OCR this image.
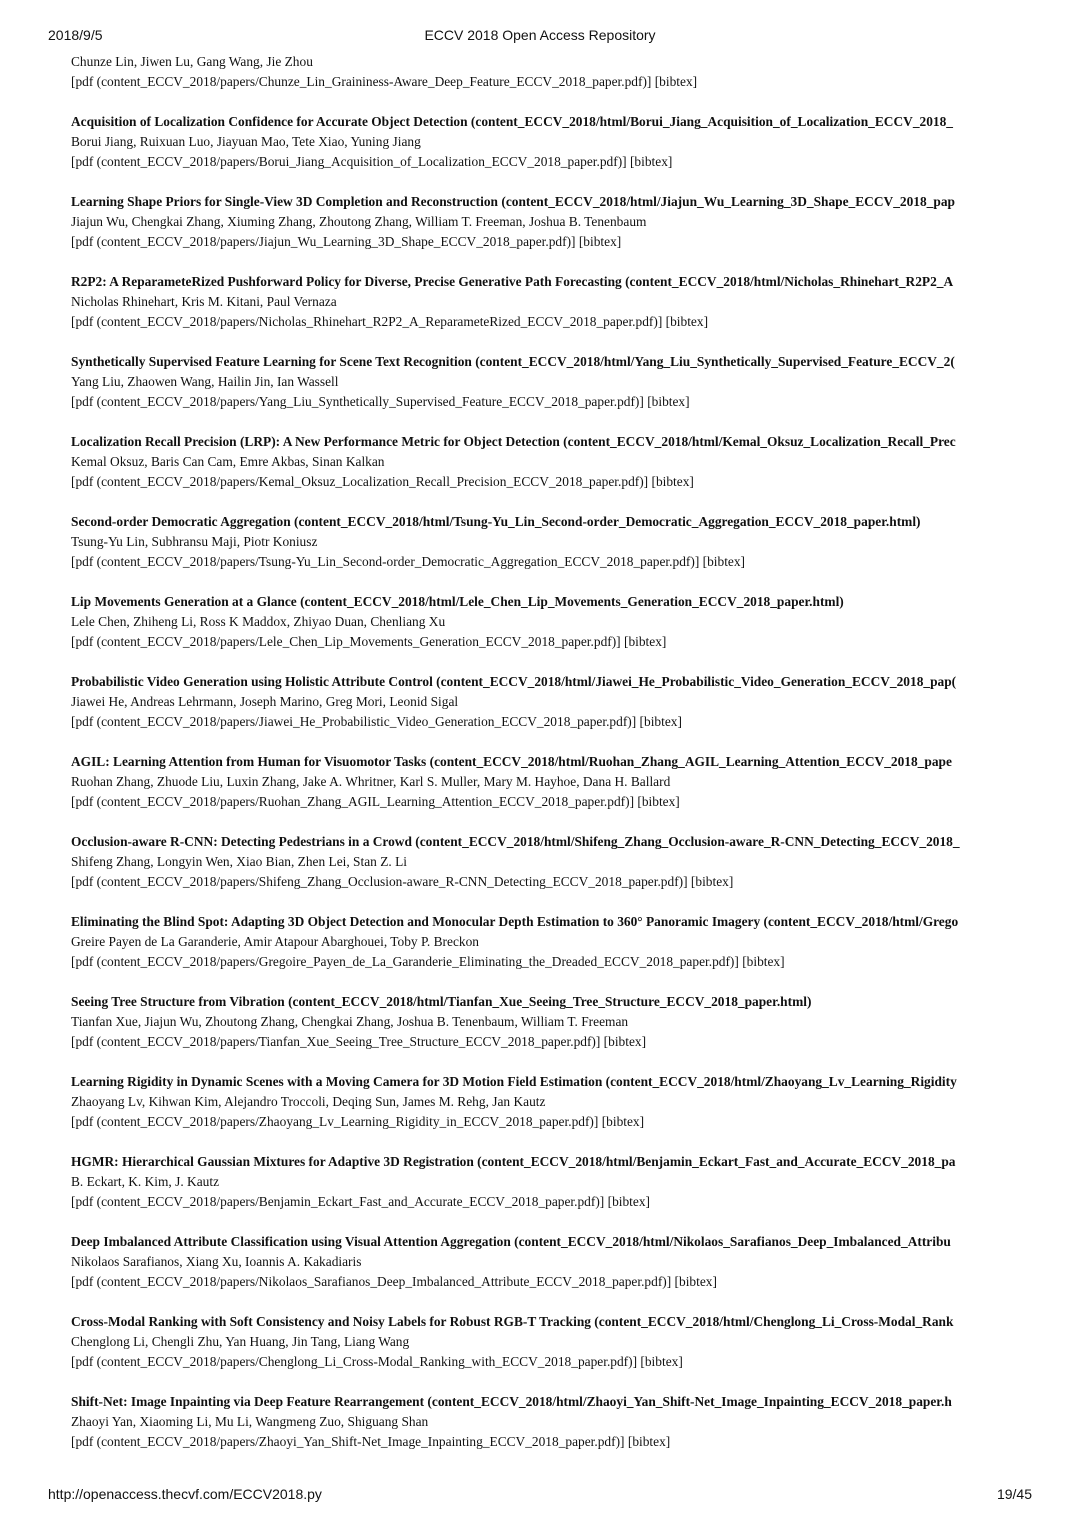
2018/9/5	ECCV 2018 Open Access Repository
Chunze Lin, Jiwen Lu, Gang Wang, Jie Zhou
[pdf (content_ECCV_2018/papers/Chunze_Lin_Graininess-Aware_Deep_Feature_ECCV_2018_paper.pdf)] [bibtex]
Acquisition of Localization Confidence for Accurate Object Detection (content_ECCV_2018/html/Borui_Jiang_Acquisition_of_Localization_ECCV_2018_
Borui Jiang, Ruixuan Luo, Jiayuan Mao, Tete Xiao, Yuning Jiang
[pdf (content_ECCV_2018/papers/Borui_Jiang_Acquisition_of_Localization_ECCV_2018_paper.pdf)] [bibtex]
Learning Shape Priors for Single-View 3D Completion and Reconstruction (content_ECCV_2018/html/Jiajun_Wu_Learning_3D_Shape_ECCV_2018_pap
Jiajun Wu, Chengkai Zhang, Xiuming Zhang, Zhoutong Zhang, William T. Freeman, Joshua B. Tenenbaum
[pdf (content_ECCV_2018/papers/Jiajun_Wu_Learning_3D_Shape_ECCV_2018_paper.pdf)] [bibtex]
R2P2: A ReparameteRized Pushforward Policy for Diverse, Precise Generative Path Forecasting (content_ECCV_2018/html/Nicholas_Rhinehart_R2P2_A
Nicholas Rhinehart, Kris M. Kitani, Paul Vernaza
[pdf (content_ECCV_2018/papers/Nicholas_Rhinehart_R2P2_A_ReparameteRized_ECCV_2018_paper.pdf)] [bibtex]
Synthetically Supervised Feature Learning for Scene Text Recognition (content_ECCV_2018/html/Yang_Liu_Synthetically_Supervised_Feature_ECCV_2(
Yang Liu, Zhaowen Wang, Hailin Jin, Ian Wassell
[pdf (content_ECCV_2018/papers/Yang_Liu_Synthetically_Supervised_Feature_ECCV_2018_paper.pdf)] [bibtex]
Localization Recall Precision (LRP): A New Performance Metric for Object Detection (content_ECCV_2018/html/Kemal_Oksuz_Localization_Recall_Prec
Kemal Oksuz, Baris Can Cam, Emre Akbas, Sinan Kalkan
[pdf (content_ECCV_2018/papers/Kemal_Oksuz_Localization_Recall_Precision_ECCV_2018_paper.pdf)] [bibtex]
Second-order Democratic Aggregation (content_ECCV_2018/html/Tsung-Yu_Lin_Second-order_Democratic_Aggregation_ECCV_2018_paper.html)
Tsung-Yu Lin, Subhransu Maji, Piotr Koniusz
[pdf (content_ECCV_2018/papers/Tsung-Yu_Lin_Second-order_Democratic_Aggregation_ECCV_2018_paper.pdf)] [bibtex]
Lip Movements Generation at a Glance (content_ECCV_2018/html/Lele_Chen_Lip_Movements_Generation_ECCV_2018_paper.html)
Lele Chen, Zhiheng Li, Ross K Maddox, Zhiyao Duan, Chenliang Xu
[pdf (content_ECCV_2018/papers/Lele_Chen_Lip_Movements_Generation_ECCV_2018_paper.pdf)] [bibtex]
Probabilistic Video Generation using Holistic Attribute Control (content_ECCV_2018/html/Jiawei_He_Probabilistic_Video_Generation_ECCV_2018_pap(
Jiawei He, Andreas Lehrmann, Joseph Marino, Greg Mori, Leonid Sigal
[pdf (content_ECCV_2018/papers/Jiawei_He_Probabilistic_Video_Generation_ECCV_2018_paper.pdf)] [bibtex]
AGIL: Learning Attention from Human for Visuomotor Tasks (content_ECCV_2018/html/Ruohan_Zhang_AGIL_Learning_Attention_ECCV_2018_pape
Ruohan Zhang, Zhuode Liu, Luxin Zhang, Jake A. Whritner, Karl S. Muller, Mary M. Hayhoe, Dana H. Ballard
[pdf (content_ECCV_2018/papers/Ruohan_Zhang_AGIL_Learning_Attention_ECCV_2018_paper.pdf)] [bibtex]
Occlusion-aware R-CNN: Detecting Pedestrians in a Crowd (content_ECCV_2018/html/Shifeng_Zhang_Occlusion-aware_R-CNN_Detecting_ECCV_2018_
Shifeng Zhang, Longyin Wen, Xiao Bian, Zhen Lei, Stan Z. Li
[pdf (content_ECCV_2018/papers/Shifeng_Zhang_Occlusion-aware_R-CNN_Detecting_ECCV_2018_paper.pdf)] [bibtex]
Eliminating the Blind Spot: Adapting 3D Object Detection and Monocular Depth Estimation to 360° Panoramic Imagery (content_ECCV_2018/html/Grego
Greire Payen de La Garanderie, Amir Atapour Abarghouei, Toby P. Breckon
[pdf (content_ECCV_2018/papers/Gregoire_Payen_de_La_Garanderie_Eliminating_the_Dreaded_ECCV_2018_paper.pdf)] [bibtex]
Seeing Tree Structure from Vibration (content_ECCV_2018/html/Tianfan_Xue_Seeing_Tree_Structure_ECCV_2018_paper.html)
Tianfan Xue, Jiajun Wu, Zhoutong Zhang, Chengkai Zhang, Joshua B. Tenenbaum, William T. Freeman
[pdf (content_ECCV_2018/papers/Tianfan_Xue_Seeing_Tree_Structure_ECCV_2018_paper.pdf)] [bibtex]
Learning Rigidity in Dynamic Scenes with a Moving Camera for 3D Motion Field Estimation (content_ECCV_2018/html/Zhaoyang_Lv_Learning_Rigidity
Zhaoyang Lv, Kihwan Kim, Alejandro Troccoli, Deqing Sun, James M. Rehg, Jan Kautz
[pdf (content_ECCV_2018/papers/Zhaoyang_Lv_Learning_Rigidity_in_ECCV_2018_paper.pdf)] [bibtex]
HGMR: Hierarchical Gaussian Mixtures for Adaptive 3D Registration (content_ECCV_2018/html/Benjamin_Eckart_Fast_and_Accurate_ECCV_2018_pa
B. Eckart, K. Kim, J. Kautz
[pdf (content_ECCV_2018/papers/Benjamin_Eckart_Fast_and_Accurate_ECCV_2018_paper.pdf)] [bibtex]
Deep Imbalanced Attribute Classification using Visual Attention Aggregation (content_ECCV_2018/html/Nikolaos_Sarafianos_Deep_Imbalanced_Attribu
Nikolaos Sarafianos, Xiang Xu, Ioannis A. Kakadiaris
[pdf (content_ECCV_2018/papers/Nikolaos_Sarafianos_Deep_Imbalanced_Attribute_ECCV_2018_paper.pdf)] [bibtex]
Cross-Modal Ranking with Soft Consistency and Noisy Labels for Robust RGB-T Tracking (content_ECCV_2018/html/Chenglong_Li_Cross-Modal_Rank
Chenglong Li, Chengli Zhu, Yan Huang, Jin Tang, Liang Wang
[pdf (content_ECCV_2018/papers/Chenglong_Li_Cross-Modal_Ranking_with_ECCV_2018_paper.pdf)] [bibtex]
Shift-Net: Image Inpainting via Deep Feature Rearrangement (content_ECCV_2018/html/Zhaoyi_Yan_Shift-Net_Image_Inpainting_ECCV_2018_paper.h
Zhaoyi Yan, Xiaoming Li, Mu Li, Wangmeng Zuo, Shiguang Shan
[pdf (content_ECCV_2018/papers/Zhaoyi_Yan_Shift-Net_Image_Inpainting_ECCV_2018_paper.pdf)] [bibtex]
http://openaccess.thecvf.com/ECCV2018.py	19/45
